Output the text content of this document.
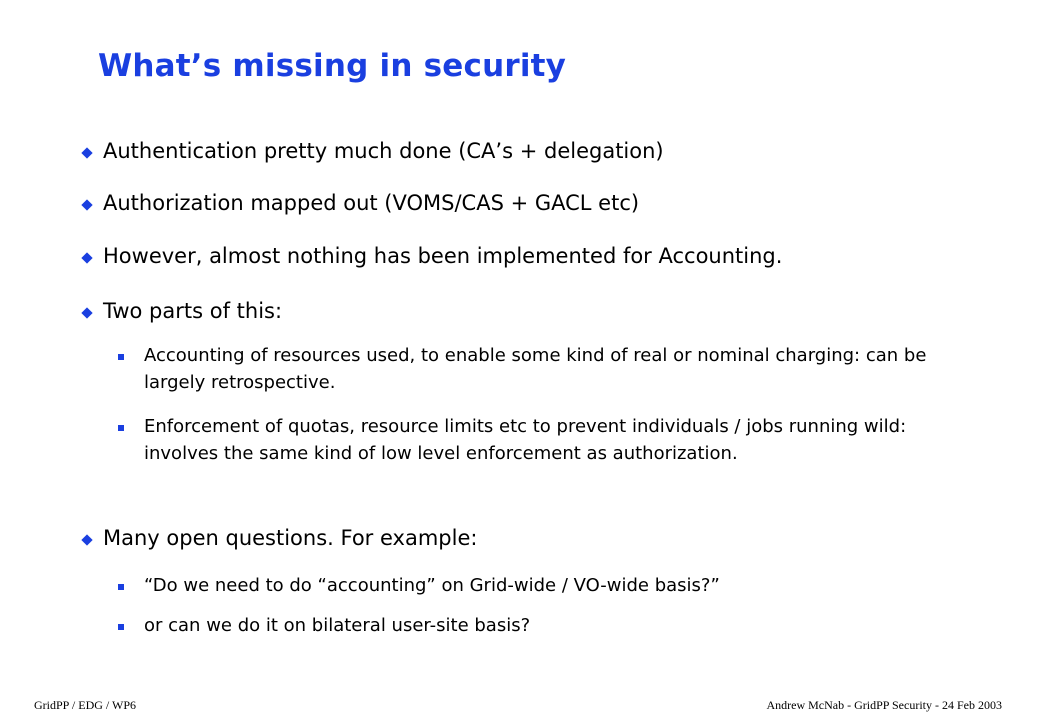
What’s missing in security
Authentication pretty much done (CA’s + delegation)
Authorization mapped out (VOMS/CAS + GACL etc)
However, almost nothing has been implemented for Accounting.
Two parts of this:
Accounting of resources used, to enable some kind of real or nominal charging: can be largely retrospective.
Enforcement of quotas, resource limits etc to prevent individuals / jobs running wild: involves the same kind of low level enforcement as authorization.
Many open questions. For example:
“Do we need to do “accounting” on Grid-wide / VO-wide basis?”
or can we do it on bilateral user-site basis?
GridPP / EDG / WP6	Andrew McNab - GridPP Security - 24 Feb 2003
